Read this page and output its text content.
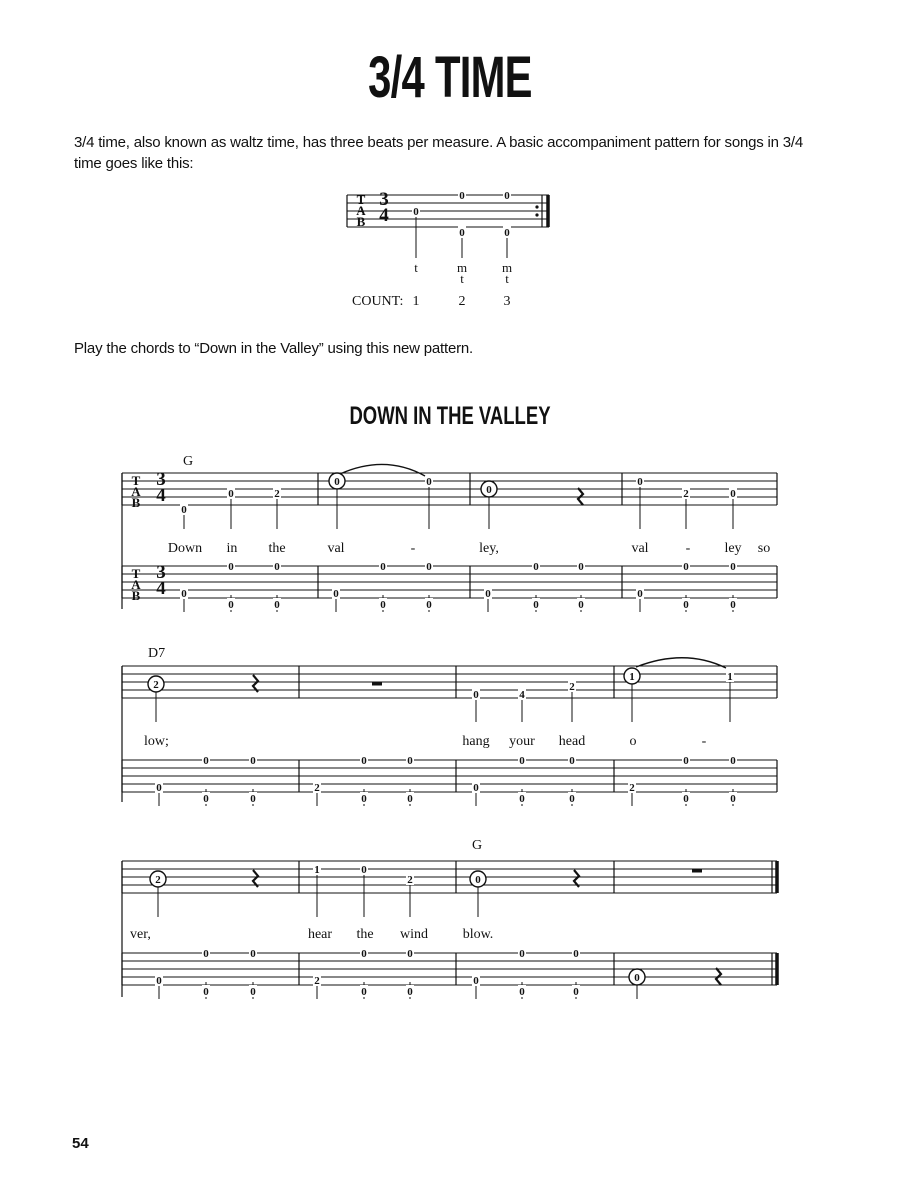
3/4 TIME
3/4 time, also known as waltz time, has three beats per measure. A basic accompaniment pattern for songs in 3/4 time goes like this:
T
A
B
3
4 0
0
0
0
0
t	m
t
m
t
COUNT: 1	2	3
Play the chords to “Down in the Valley” using this new pattern.
DOWN IN THE VALLEY
G
T
A
B
3
4
0
0	2
0	0
0
0
2	0
Down in the	val	-	ley,	val	- ley so
T
A
B
3
4 0	0	0	0
0
0
0
0
0
0
0
0
0
0
0
0
0
0
0
0
D7
2
0	4
2
1	1
low;	hang your head	o	-
0	2	0	2
0
0
0
0
0
0
0
0
0
0
0
0
0
0
0
0
G
2
1	0
2	0
ver,	hear the wind blow.
0	2	0
0
0
0
0
0
0
0
0
0
0
0
0
0
54
